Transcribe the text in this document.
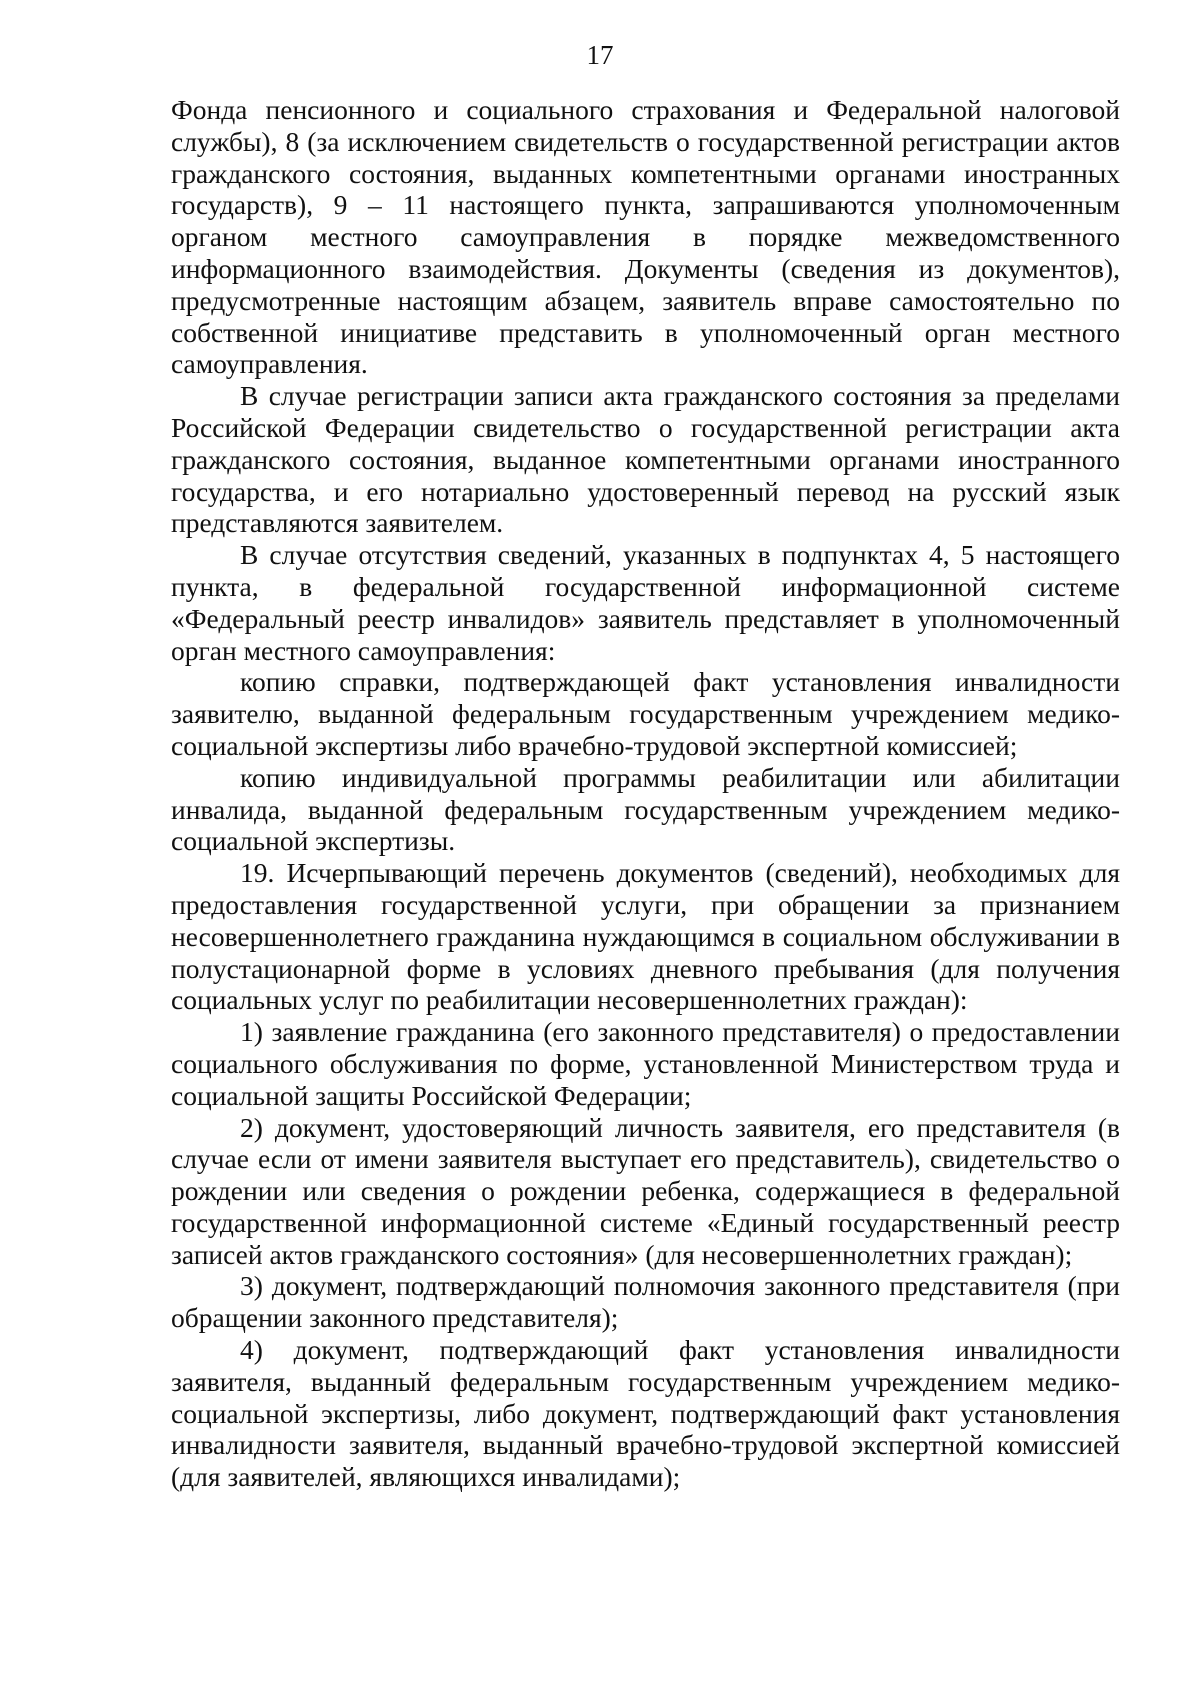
17

Фонда пенсионного и социального страхования и Федеральной налоговой службы), 8 (за исключением свидетельств о государственной регистрации актов гражданского состояния, выданных компетентными органами иностранных государств), 9 – 11 настоящего пункта, запрашиваются уполномоченным органом местного самоуправления в порядке межведомственного информационного взаимодействия. Документы (сведения из документов), предусмотренные настоящим абзацем, заявитель вправе самостоятельно по собственной инициативе представить в уполномоченный орган местного самоуправления.

В случае регистрации записи акта гражданского состояния за пределами Российской Федерации свидетельство о государственной регистрации акта гражданского состояния, выданное компетентными органами иностранного государства, и его нотариально удостоверенный перевод на русский язык представляются заявителем.

В случае отсутствия сведений, указанных в подпунктах 4, 5 настоящего пункта, в федеральной государственной информационной системе «Федеральный реестр инвалидов» заявитель представляет в уполномоченный орган местного самоуправления:

копию справки, подтверждающей факт установления инвалидности заявителю, выданной федеральным государственным учреждением медико-социальной экспертизы либо врачебно-трудовой экспертной комиссией;

копию индивидуальной программы реабилитации или абилитации инвалида, выданной федеральным государственным учреждением медико-социальной экспертизы.

19. Исчерпывающий перечень документов (сведений), необходимых для предоставления государственной услуги, при обращении за признанием несовершеннолетнего гражданина нуждающимся в социальном обслуживании в полустационарной форме в условиях дневного пребывания (для получения социальных услуг по реабилитации несовершеннолетних граждан):

1) заявление гражданина (его законного представителя) о предоставлении социального обслуживания по форме, установленной Министерством труда и социальной защиты Российской Федерации;

2) документ, удостоверяющий личность заявителя, его представителя (в случае если от имени заявителя выступает его представитель), свидетельство о рождении или сведения о рождении ребенка, содержащиеся в федеральной государственной информационной системе «Единый государственный реестр записей актов гражданского состояния» (для несовершеннолетних граждан);

3) документ, подтверждающий полномочия законного представителя (при обращении законного представителя);

4) документ, подтверждающий факт установления инвалидности заявителя, выданный федеральным государственным учреждением медико-социальной экспертизы, либо документ, подтверждающий факт установления инвалидности заявителя, выданный врачебно-трудовой экспертной комиссией (для заявителей, являющихся инвалидами);
